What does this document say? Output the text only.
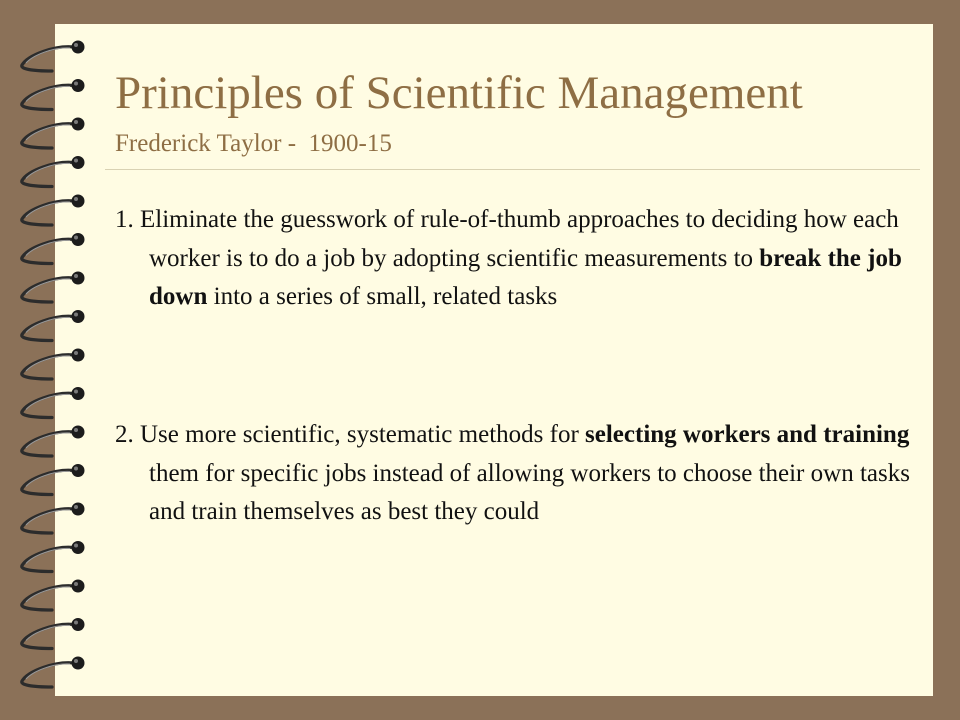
Principles of Scientific Management
Frederick Taylor -  1900-15

1. Eliminate the guesswork of rule-of-thumb approaches to deciding how each worker is to do a job by adopting scientific measurements to break the job down into a series of small, related tasks

2. Use more scientific, systematic methods for selecting workers and training them for specific jobs instead of allowing workers to choose their own tasks and train themselves as best they could
